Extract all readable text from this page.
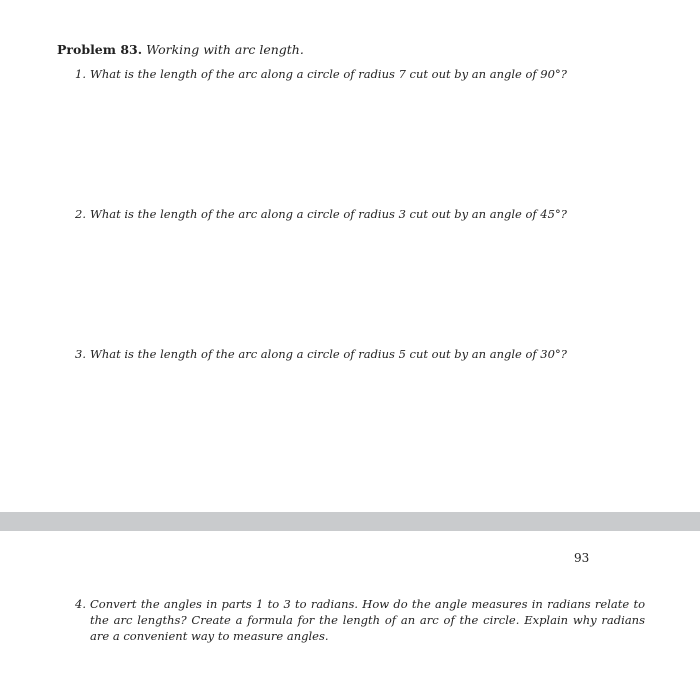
Problem 83. Working with arc length.
1. What is the length of the arc along a circle of radius 7 cut out by an angle of 90°?
2. What is the length of the arc along a circle of radius 3 cut out by an angle of 45°?
3. What is the length of the arc along a circle of radius 5 cut out by an angle of 30°?
93
4. Convert the angles in parts 1 to 3 to radians. How do the angle measures in radians relate to the arc lengths? Create a formula for the length of an arc of the circle. Explain why radians are a convenient way to measure angles.
